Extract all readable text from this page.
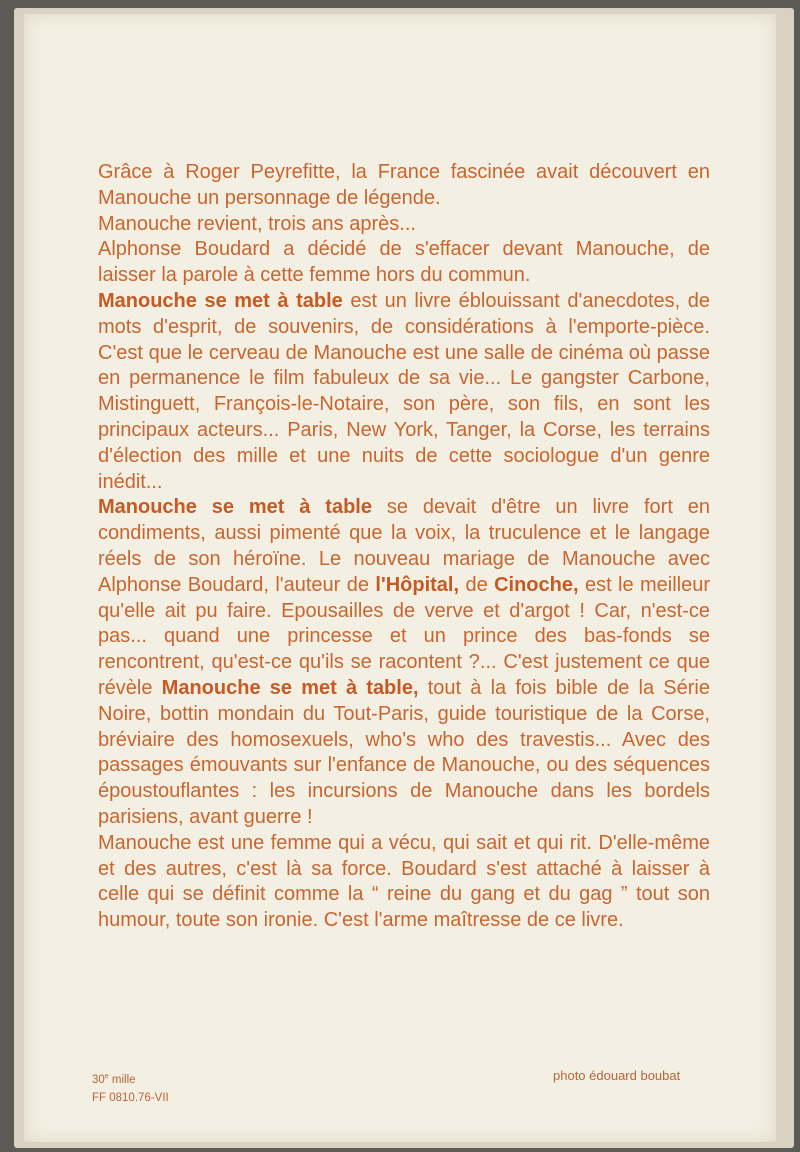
Grâce à Roger Peyrefitte, la France fascinée avait découvert en Manouche un personnage de légende.

Manouche revient, trois ans après...

Alphonse Boudard a décidé de s'effacer devant Manouche, de laisser la parole à cette femme hors du commun.

Manouche se met à table est un livre éblouissant d'anecdotes, de mots d'esprit, de souvenirs, de considérations à l'emporte-pièce. C'est que le cerveau de Manouche est une salle de cinéma où passe en permanence le film fabuleux de sa vie... Le gangster Carbone, Mistinguett, François-le-Notaire, son père, son fils, en sont les principaux acteurs... Paris, New York, Tanger, la Corse, les terrains d'élection des mille et une nuits de cette sociologue d'un genre inédit...

Manouche se met à table se devait d'être un livre fort en condiments, aussi pimenté que la voix, la truculence et le langage réels de son héroïne. Le nouveau mariage de Manouche avec Alphonse Boudard, l'auteur de l'Hôpital, de Cinoche, est le meilleur qu'elle ait pu faire. Epousailles de verve et d'argot ! Car, n'est-ce pas... quand une princesse et un prince des bas-fonds se rencontrent, qu'est-ce qu'ils se racontent ?... C'est justement ce que révèle Manouche se met à table, tout à la fois bible de la Série Noire, bottin mondain du Tout-Paris, guide touristique de la Corse, bréviaire des homosexuels, who's who des travestis... Avec des passages émouvants sur l'enfance de Manouche, ou des séquences époustouflantes : les incursions de Manouche dans les bordels parisiens, avant guerre !

Manouche est une femme qui a vécu, qui sait et qui rit. D'elle-même et des autres, c'est là sa force. Boudard s'est attaché à laisser à celle qui se définit comme la “ reine du gang et du gag ” tout son humour, toute son ironie. C'est l'arme maîtresse de ce livre.

30e mille
FF 0810.76-VII
photo édouard boubat
